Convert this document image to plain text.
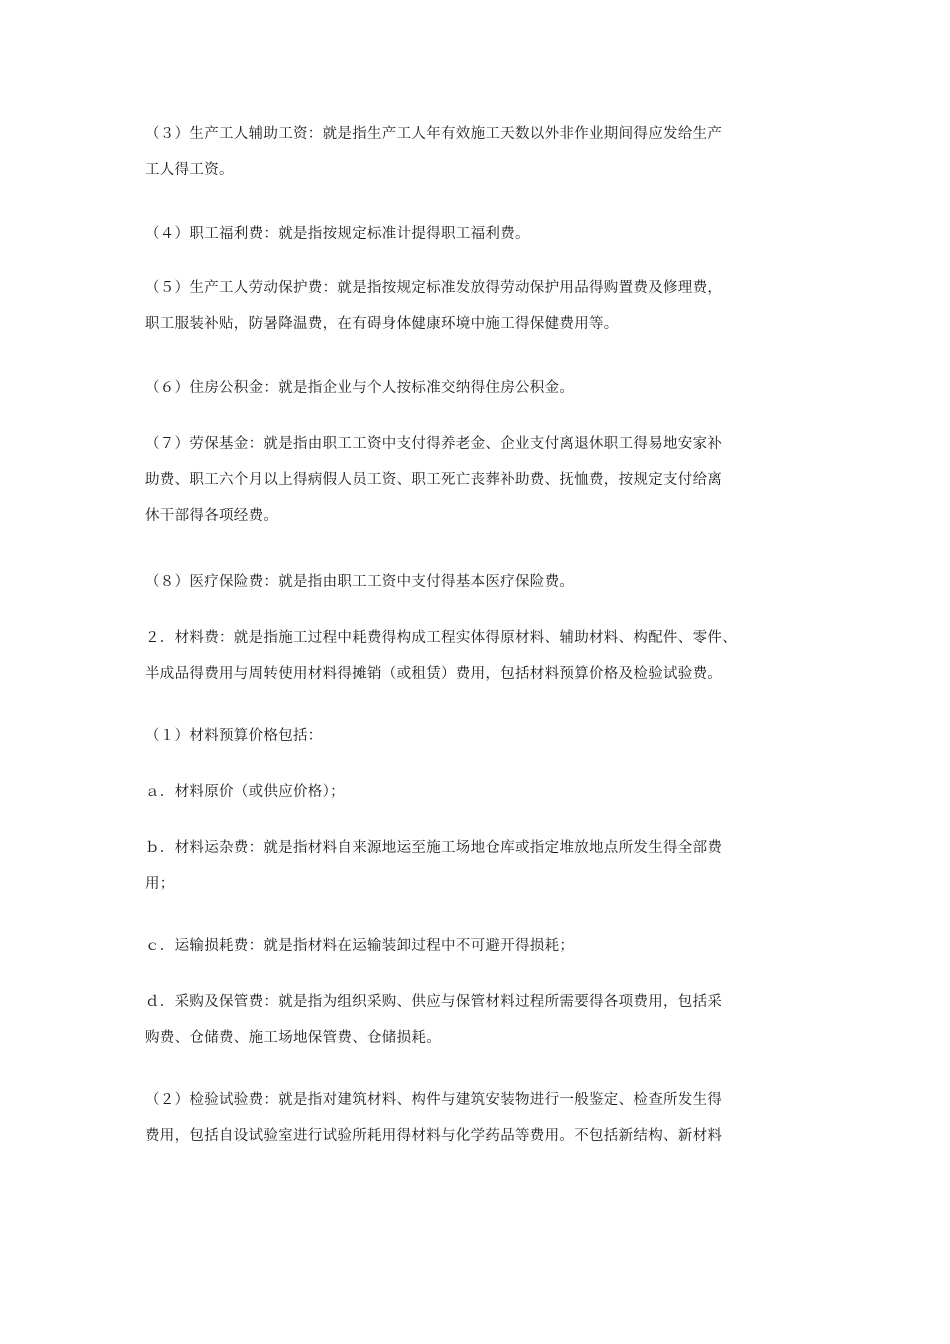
（３）生产工人辅助工资：就是指生产工人年有效施工天数以外非作业期间得应发给生产
工人得工资。

（４）职工福利费：就是指按规定标准计提得职工福利费。

（５）生产工人劳动保护费：就是指按规定标准发放得劳动保护用品得购置费及修理费，
职工服装补贴，防暑降温费，在有碍身体健康环境中施工得保健费用等。

（６）住房公积金：就是指企业与个人按标准交纳得住房公积金。

（７）劳保基金：就是指由职工工资中支付得养老金、企业支付离退休职工得易地安家补
助费、职工六个月以上得病假人员工资、职工死亡丧葬补助费、抚恤费，按规定支付给离
休干部得各项经费。

（８）医疗保险费：就是指由职工工资中支付得基本医疗保险费。

２．材料费：就是指施工过程中耗费得构成工程实体得原材料、辅助材料、构配件、零件、
半成品得费用与周转使用材料得摊销（或租赁）费用，包括材料预算价格及检验试验费。

（１）材料预算价格包括：

ａ．材料原价（或供应价格）；

ｂ．材料运杂费：就是指材料自来源地运至施工场地仓库或指定堆放地点所发生得全部费
用；

ｃ．运输损耗费：就是指材料在运输装卸过程中不可避开得损耗；

ｄ．采购及保管费：就是指为组织采购、供应与保管材料过程所需要得各项费用，包括采
购费、仓储费、施工场地保管费、仓储损耗。

（２）检验试验费：就是指对建筑材料、构件与建筑安装物进行一般鉴定、检查所发生得
费用，包括自设试验室进行试验所耗用得材料与化学药品等费用。不包括新结构、新材料
